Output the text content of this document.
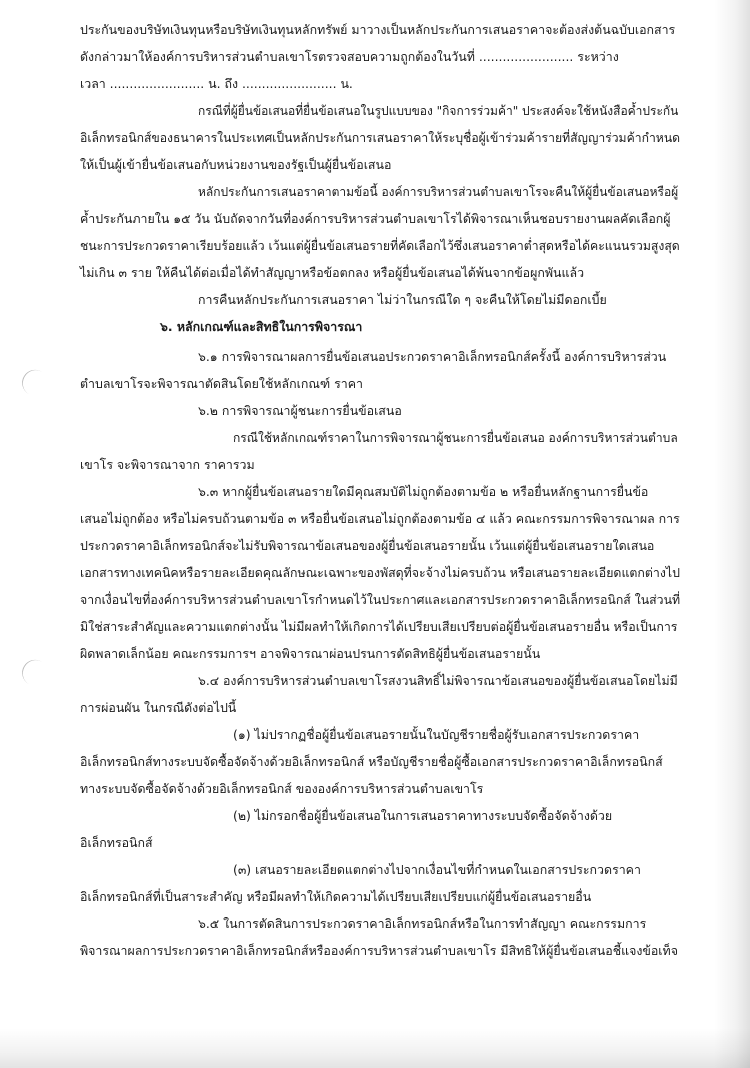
ประกันของบริษัทเงินทุนหรือบริษัทเงินทุนหลักทรัพย์ มาวางเป็นหลักประกันการเสนอราคาจะต้องส่งต้นฉบับเอกสาร

ดังกล่าวมาให้องค์การบริหารส่วนตำบลเขาโรตรวจสอบความถูกต้องในวันที่ ........................ ระหว่าง

เวลา ........................ น. ถึง ........................ น.

กรณีที่ผู้ยื่นข้อเสนอที่ยื่นข้อเสนอในรูปแบบของ "กิจการร่วมค้า" ประสงค์จะใช้หนังสือค้ำประกัน

อิเล็กทรอนิกส์ของธนาคารในประเทศเป็นหลักประกันการเสนอราคาให้ระบุชื่อผู้เข้าร่วมค้ารายที่สัญญาร่วมค้ากำหนด

ให้เป็นผู้เข้ายื่นข้อเสนอกับหน่วยงานของรัฐเป็นผู้ยื่นข้อเสนอ

หลักประกันการเสนอราคาตามข้อนี้ องค์การบริหารส่วนตำบลเขาโรจะคืนให้ผู้ยื่นข้อเสนอหรือผู้

ค้ำประกันภายใน ๑๕ วัน นับถัดจากวันที่องค์การบริหารส่วนตำบลเขาโรได้พิจารณาเห็นชอบรายงานผลคัดเลือกผู้

ชนะการประกวดราคาเรียบร้อยแล้ว เว้นแต่ผู้ยื่นข้อเสนอรายที่คัดเลือกไว้ซึ่งเสนอราคาต่ำสุดหรือได้คะแนนรวมสูงสุด

ไม่เกิน ๓ ราย ให้คืนได้ต่อเมื่อได้ทำสัญญาหรือข้อตกลง หรือผู้ยื่นข้อเสนอได้พ้นจากข้อผูกพันแล้ว

การคืนหลักประกันการเสนอราคา ไม่ว่าในกรณีใด ๆ จะคืนให้โดยไม่มีดอกเบี้ย

๖. หลักเกณฑ์และสิทธิในการพิจารณา

๖.๑ การพิจารณาผลการยื่นข้อเสนอประกวดราคาอิเล็กทรอนิกส์ครั้งนี้ องค์การบริหารส่วน

ตำบลเขาโรจะพิจารณาตัดสินโดยใช้หลักเกณฑ์ ราคา

๖.๒ การพิจารณาผู้ชนะการยื่นข้อเสนอ

กรณีใช้หลักเกณฑ์ราคาในการพิจารณาผู้ชนะการยื่นข้อเสนอ องค์การบริหารส่วนตำบล

เขาโร จะพิจารณาจาก ราคารวม

๖.๓ หากผู้ยื่นข้อเสนอรายใดมีคุณสมบัติไม่ถูกต้องตามข้อ ๒ หรือยื่นหลักฐานการยื่นข้อ

เสนอไม่ถูกต้อง หรือไม่ครบถ้วนตามข้อ ๓ หรือยื่นข้อเสนอไม่ถูกต้องตามข้อ ๔ แล้ว คณะกรรมการพิจารณาผล การ

ประกวดราคาอิเล็กทรอนิกส์จะไม่รับพิจารณาข้อเสนอของผู้ยื่นข้อเสนอรายนั้น เว้นแต่ผู้ยื่นข้อเสนอรายใดเสนอ

เอกสารทางเทคนิคหรือรายละเอียดคุณลักษณะเฉพาะของพัสดุที่จะจ้างไม่ครบถ้วน หรือเสนอรายละเอียดแตกต่างไป

จากเงื่อนไขที่องค์การบริหารส่วนตำบลเขาโรกำหนดไว้ในประกาศและเอกสารประกวดราคาอิเล็กทรอนิกส์ ในส่วนที่

มิใช่สาระสำคัญและความแตกต่างนั้น ไม่มีผลทำให้เกิดการได้เปรียบเสียเปรียบต่อผู้ยื่นข้อเสนอรายอื่น หรือเป็นการ

ผิดพลาดเล็กน้อย คณะกรรมการฯ อาจพิจารณาผ่อนปรนการตัดสิทธิผู้ยื่นข้อเสนอรายนั้น

๖.๔ องค์การบริหารส่วนตำบลเขาโรสงวนสิทธิ์ไม่พิจารณาข้อเสนอของผู้ยื่นข้อเสนอโดยไม่มี

การผ่อนผัน ในกรณีดังต่อไปนี้

(๑) ไม่ปรากฏชื่อผู้ยื่นข้อเสนอรายนั้นในบัญชีรายชื่อผู้รับเอกสารประกวดราคา

อิเล็กทรอนิกส์ทางระบบจัดซื้อจัดจ้างด้วยอิเล็กทรอนิกส์ หรือบัญชีรายชื่อผู้ซื้อเอกสารประกวดราคาอิเล็กทรอนิกส์

ทางระบบจัดซื้อจัดจ้างด้วยอิเล็กทรอนิกส์ ขององค์การบริหารส่วนตำบลเขาโร

(๒) ไม่กรอกชื่อผู้ยื่นข้อเสนอในการเสนอราคาทางระบบจัดซื้อจัดจ้างด้วย

อิเล็กทรอนิกส์

(๓) เสนอรายละเอียดแตกต่างไปจากเงื่อนไขที่กำหนดในเอกสารประกวดราคา

อิเล็กทรอนิกส์ที่เป็นสาระสำคัญ หรือมีผลทำให้เกิดความได้เปรียบเสียเปรียบแก่ผู้ยื่นข้อเสนอรายอื่น

๖.๕ ในการตัดสินการประกวดราคาอิเล็กทรอนิกส์หรือในการทำสัญญา คณะกรรมการ

พิจารณาผลการประกวดราคาอิเล็กทรอนิกส์หรือองค์การบริหารส่วนตำบลเขาโร มีสิทธิให้ผู้ยื่นข้อเสนอชี้แจงข้อเท็จ
